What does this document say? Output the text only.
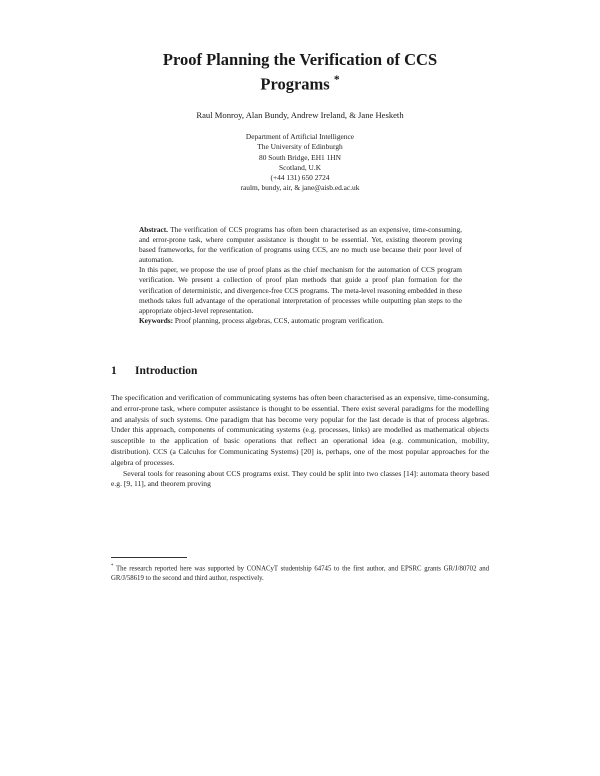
Proof Planning the Verification of CCS
Programs *
Raul Monroy, Alan Bundy, Andrew Ireland, & Jane Hesketh
Department of Artificial Intelligence
The University of Edinburgh
80 South Bridge, EH1 1HN
Scotland, U.K
(+44 131) 650 2724
raulm, bundy, air, & jane@aisb.ed.ac.uk

Abstract. The verification of CCS programs has often been characterised as an expensive, time-consuming, and error-prone task, where computer assistance is thought to be essential. Yet, existing theorem proving based frameworks, for the verification of programs using CCS, are no much use because their poor level of automation.

In this paper, we propose the use of proof plans as the chief mechanism for the automation of CCS program verification. We present a collection of proof plan methods that guide a proof plan formation for the verification of deterministic, and divergence-free CCS programs. The meta-level reasoning embedded in these methods takes full advantage of the operational interpretation of processes while outputting plan steps to the appropriate object-level representation.

Keywords: Proof planning, process algebras, CCS, automatic program verification.

1 Introduction

The specification and verification of communicating systems has often been characterised as an expensive, time-consuming, and error-prone task, where computer assistance is thought to be essential. There exist several paradigms for the modelling and analysis of such systems. One paradigm that has become very popular for the last decade is that of process algebras. Under this approach, components of communicating systems (e.g. processes, links) are modelled as mathematical objects susceptible to the application of basic operations that reflect an operational idea (e.g. communication, mobility, distribution). CCS (a Calculus for Communicating Systems) [20] is, perhaps, one of the most popular approaches for the algebra of processes.

Several tools for reasoning about CCS programs exist. They could be split into two classes [14]: automata theory based e.g. [9, 11], and theorem proving

* The research reported here was supported by CONACyT studentship 64745 to the first author, and EPSRC grants GR/J/80702 and GR/J/58619 to the second and third author, respectively.
